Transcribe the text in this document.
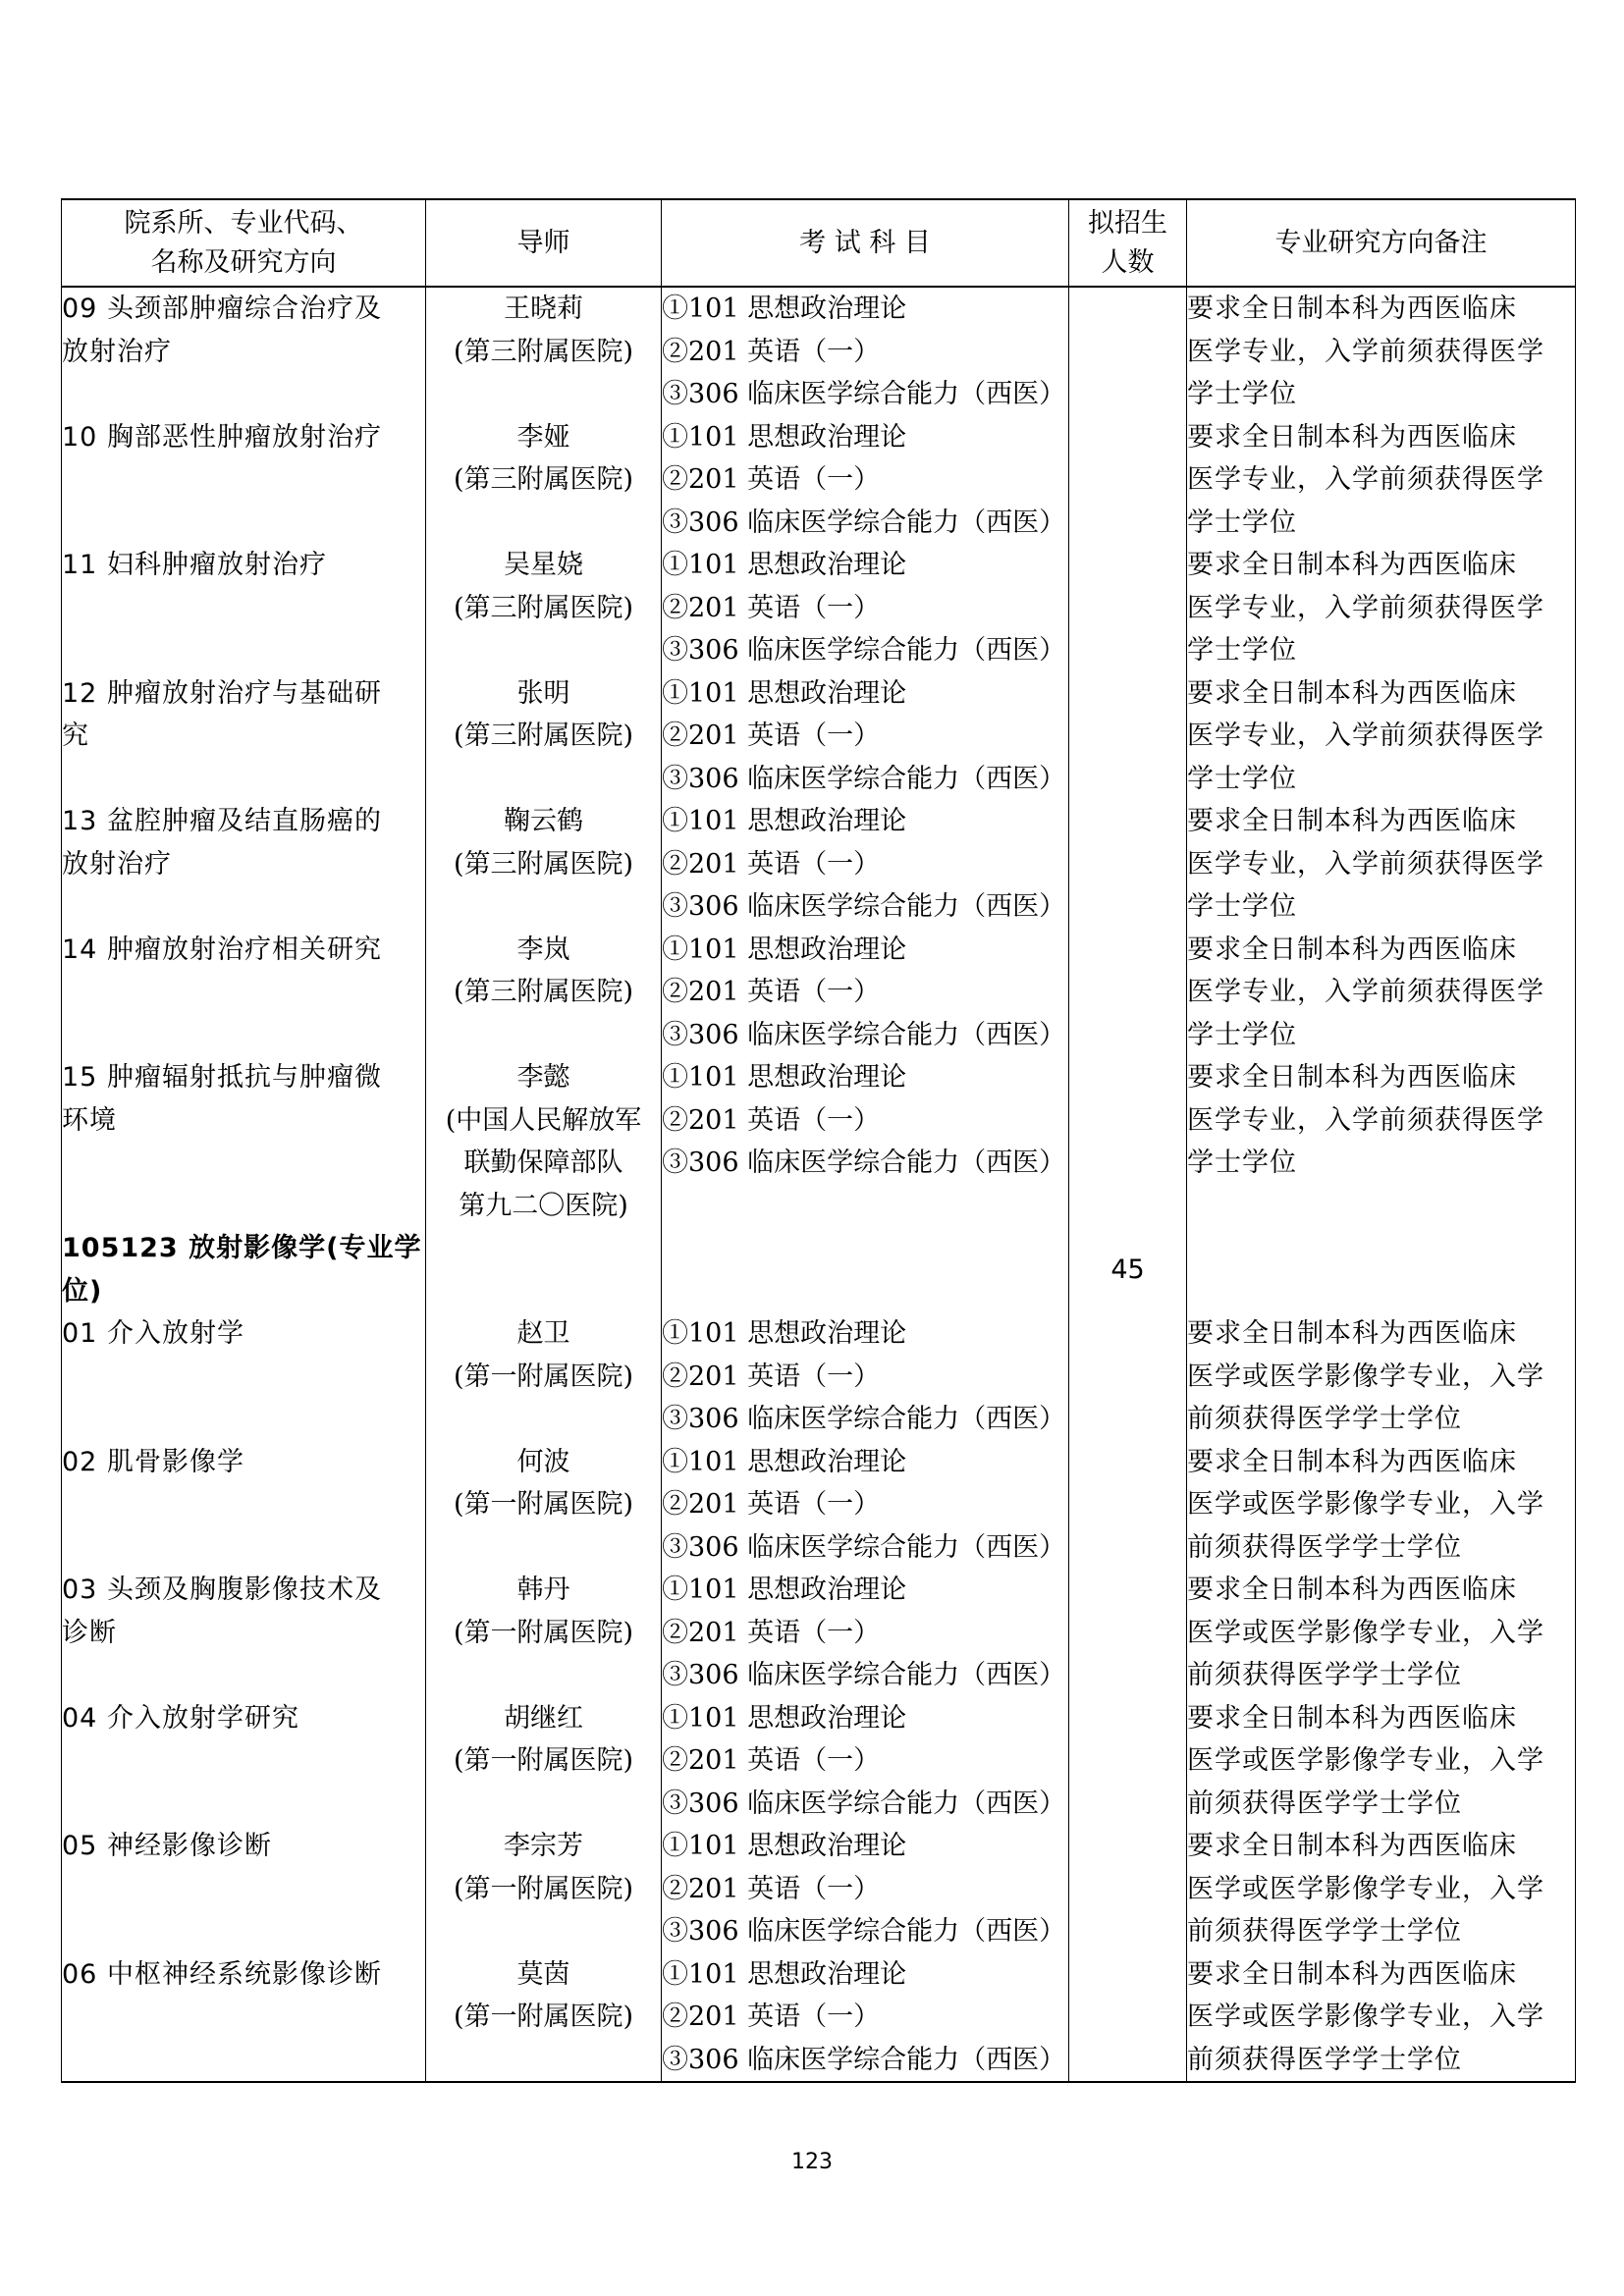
院系所、专业代码、
名称及研究方向	导师	考 试 科 目	拟招生
人数	专业研究方向备注

09 头颈部肿瘤综合治疗及
放射治疗	王晓莉
(第三附属医院)	①101 思想政治理论
②201 英语（一）
③306 临床医学综合能力（西医）		要求全日制本科为西医临床
医学专业，入学前须获得医学
学士学位

10 胸部恶性肿瘤放射治疗	李娅
(第三附属医院)	①101 思想政治理论
②201 英语（一）
③306 临床医学综合能力（西医）		要求全日制本科为西医临床
医学专业，入学前须获得医学
学士学位

11 妇科肿瘤放射治疗	吴星娆
(第三附属医院)	①101 思想政治理论
②201 英语（一）
③306 临床医学综合能力（西医）		要求全日制本科为西医临床
医学专业，入学前须获得医学
学士学位

12 肿瘤放射治疗与基础研
究	张明
(第三附属医院)	①101 思想政治理论
②201 英语（一）
③306 临床医学综合能力（西医）		要求全日制本科为西医临床
医学专业，入学前须获得医学
学士学位

13 盆腔肿瘤及结直肠癌的
放射治疗	鞠云鹤
(第三附属医院)	①101 思想政治理论
②201 英语（一）
③306 临床医学综合能力（西医）		要求全日制本科为西医临床
医学专业，入学前须获得医学
学士学位

14 肿瘤放射治疗相关研究	李岚
(第三附属医院)	①101 思想政治理论
②201 英语（一）
③306 临床医学综合能力（西医）		要求全日制本科为西医临床
医学专业，入学前须获得医学
学士学位

15 肿瘤辐射抵抗与肿瘤微
环境	李懿
(中国人民解放军
联勤保障部队
第九二〇医院)	①101 思想政治理论
②201 英语（一）
③306 临床医学综合能力（西医）		要求全日制本科为西医临床
医学专业，入学前须获得医学
学士学位

105123 放射影像学(专业学
位)			45	

01 介入放射学	赵卫
(第一附属医院)	①101 思想政治理论
②201 英语（一）
③306 临床医学综合能力（西医）		要求全日制本科为西医临床
医学或医学影像学专业，入学
前须获得医学学士学位

02 肌骨影像学	何波
(第一附属医院)	①101 思想政治理论
②201 英语（一）
③306 临床医学综合能力（西医）		要求全日制本科为西医临床
医学或医学影像学专业，入学
前须获得医学学士学位

03 头颈及胸腹影像技术及
诊断	韩丹
(第一附属医院)	①101 思想政治理论
②201 英语（一）
③306 临床医学综合能力（西医）		要求全日制本科为西医临床
医学或医学影像学专业，入学
前须获得医学学士学位

04 介入放射学研究	胡继红
(第一附属医院)	①101 思想政治理论
②201 英语（一）
③306 临床医学综合能力（西医）		要求全日制本科为西医临床
医学或医学影像学专业，入学
前须获得医学学士学位

05 神经影像诊断	李宗芳
(第一附属医院)	①101 思想政治理论
②201 英语（一）
③306 临床医学综合能力（西医）		要求全日制本科为西医临床
医学或医学影像学专业，入学
前须获得医学学士学位

06 中枢神经系统影像诊断	莫茵
(第一附属医院)	①101 思想政治理论
②201 英语（一）
③306 临床医学综合能力（西医）		要求全日制本科为西医临床
医学或医学影像学专业，入学
前须获得医学学士学位
123
